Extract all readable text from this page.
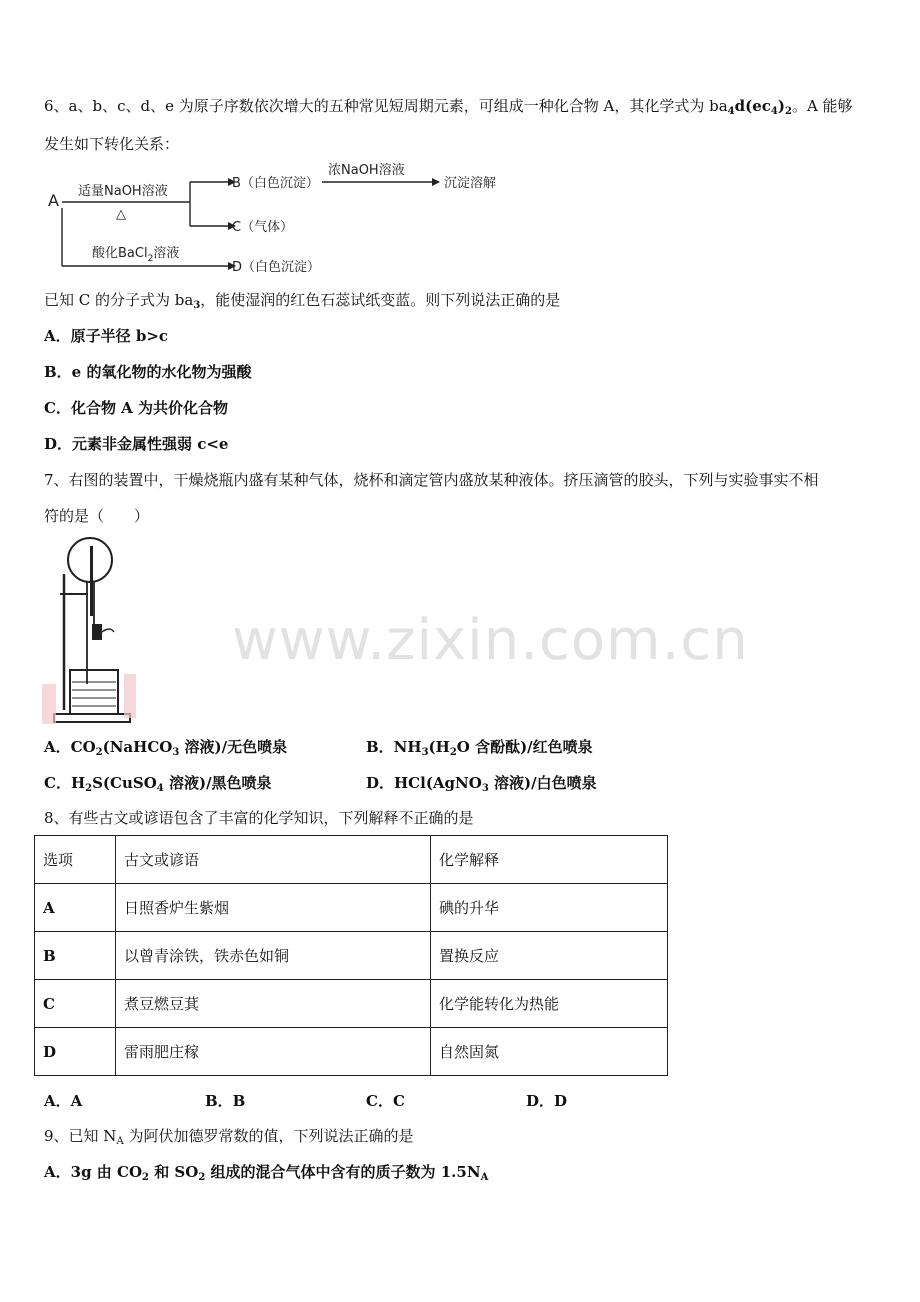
www.zixin.com.cn
6、a、b、c、d、e 为原子序数依次增大的五种常见短周期元素，可组成一种化合物 A，其化学式为 $ba_4d(ec_4)_2$。A 能够
发生如下转化关系：
A 适量NaOH溶液
△
B（白色沉淀）
浓NaOH溶液
沉淀溶解
C（气体）
酸化BaCl$_2$溶液
D（白色沉淀）
已知 C 的分子式为 $ba_3$，能使湿润的红色石蕊试纸变蓝。则下列说法正确的是
A．原子半径 b>c
B．e 的氧化物的水化物为强酸
C．化合物 A 为共价化合物
D．元素非金属性强弱 c<e
7、右图的装置中，干燥烧瓶内盛有某种气体，烧杯和滴定管内盛放某种液体。挤压滴管的胶头，下列与实验事实不相
符的是（　　）
A．$CO_2(NaHCO_3$ 溶液)/无色喷泉	B．$NH_3(H_2O$ 含酚酞)/红色喷泉
C．$H_2S(CuSO_4$ 溶液)/黑色喷泉	D．HCl(AgNO$_3$ 溶液)/白色喷泉
8、有些古文或谚语包含了丰富的化学知识，下列解释不正确的是
选项	古文或谚语	化学解释
A	日照香炉生紫烟	碘的升华
B	以曾青涂铁，铁赤色如铜	置换反应
C	煮豆燃豆萁	化学能转化为热能
D	雷雨肥庄稼	自然固氮
A．A	B．B	C．C	D．D
9、已知 $N_A$ 为阿伏加德罗常数的值，下列说法正确的是
A．3g 由 $CO_2$ 和 $SO_2$ 组成的混合气体中含有的质子数为 $1.5N_A$
